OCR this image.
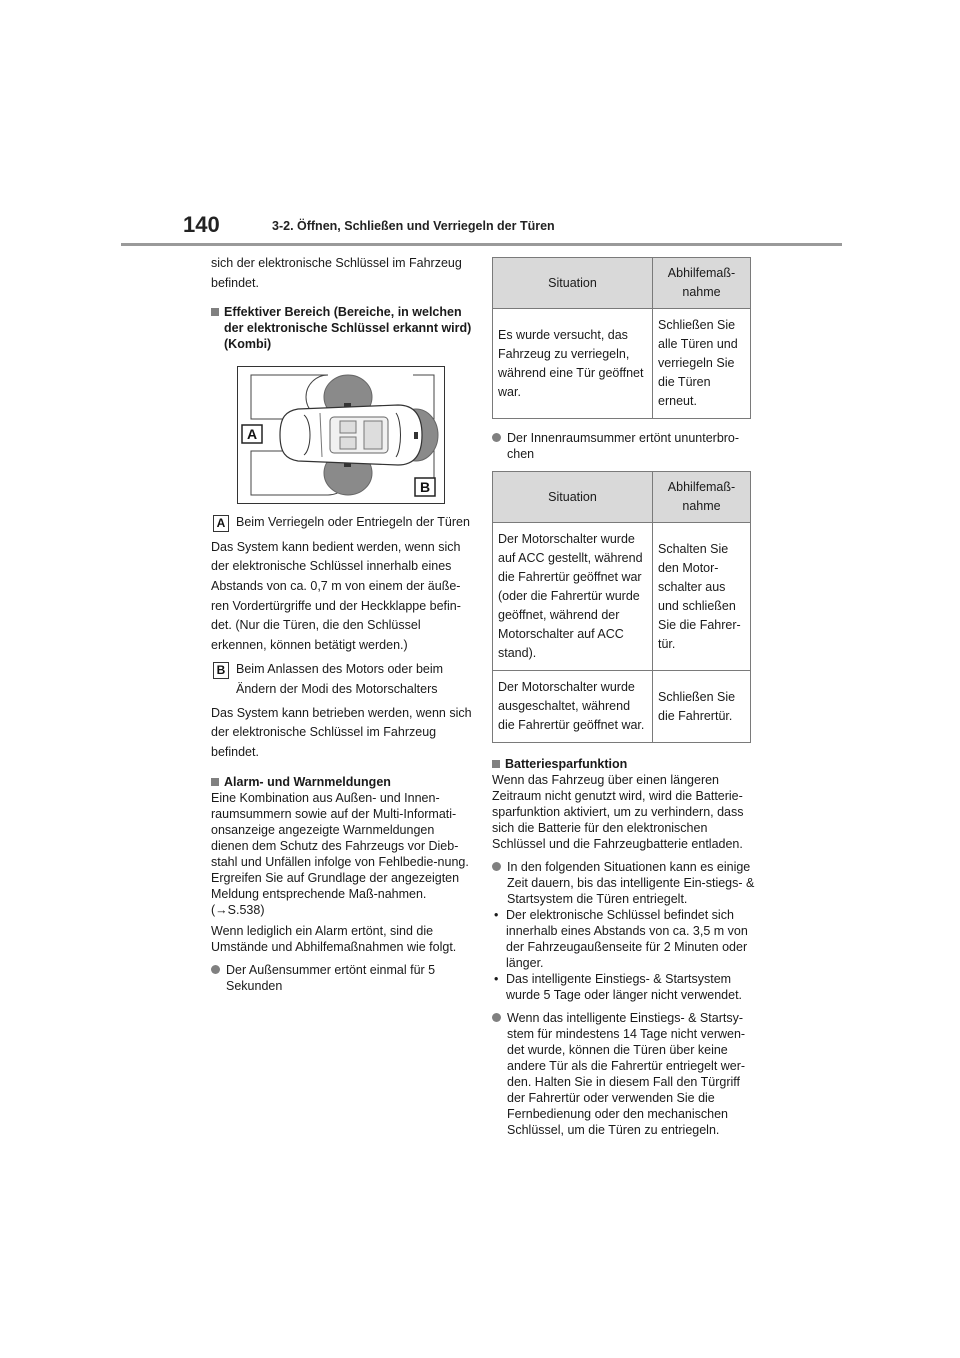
140	3-2. Öffnen, Schließen und Verriegeln der Türen

sich der elektronische Schlüssel im Fahrzeug befindet.

Effektiver Bereich (Bereiche, in welchen der elektronische Schlüssel erkannt wird) (Kombi)
A
B
A Beim Verriegeln oder Entriegeln der Türen

Das System kann bedient werden, wenn sich der elektronische Schlüssel innerhalb eines Abstands von ca. 0,7 m von einem der äuße-ren Vordertürgriffe und der Heckklappe befin-det. (Nur die Türen, die den Schlüssel erkennen, können betätigt werden.)

B Beim Anlassen des Motors oder beim Ändern der Modi des Motorschalters

Das System kann betrieben werden, wenn sich der elektronische Schlüssel im Fahrzeug befindet.

Alarm- und Warnmeldungen

Eine Kombination aus Außen- und Innen-raumsummern sowie auf der Multi-Informati-onsanzeige angezeigte Warnmeldungen dienen dem Schutz des Fahrzeugs vor Dieb-stahl und Unfällen infolge von Fehlbedie-nung. Ergreifen Sie auf Grundlage der angezeigten Meldung entsprechende Maß-nahmen. (→S.538)

Wenn lediglich ein Alarm ertönt, sind die Umstände und Abhilfemaßnahmen wie folgt.

Der Außensummer ertönt einmal für 5 Sekunden
Situation	Abhilfemaß-nahme
Es wurde versucht, das Fahrzeug zu verriegeln, während eine Tür geöffnet war.	Schließen Sie alle Türen und verriegeln Sie die Türen erneut.
Der Innenraumsummer ertönt ununterbro-chen
Situation	Abhilfemaß-nahme
Der Motorschalter wurde auf ACC gestellt, während die Fahrertür geöffnet war (oder die Fahrertür wurde geöffnet, während der Motorschalter auf ACC stand).	Schalten Sie den Motor-schalter aus und schließen Sie die Fahrer-tür.
Der Motorschalter wurde ausgeschaltet, während die Fahrertür geöffnet war.	Schließen Sie die Fahrertür.
Batteriesparfunktion

Wenn das Fahrzeug über einen längeren Zeitraum nicht genutzt wird, wird die Batterie-sparfunktion aktiviert, um zu verhindern, dass sich die Batterie für den elektronischen Schlüssel und die Fahrzeugbatterie entladen.

In den folgenden Situationen kann es einige Zeit dauern, bis das intelligente Ein-stiegs- & Startsystem die Türen entriegelt.
• Der elektronische Schlüssel befindet sich innerhalb eines Abstands von ca. 3,5 m von der Fahrzeugaußenseite für 2 Minuten oder länger.
• Das intelligente Einstiegs- & Startsystem wurde 5 Tage oder länger nicht verwendet.
Wenn das intelligente Einstiegs- & Startsy-stem für mindestens 14 Tage nicht verwen-det wurde, können die Türen über keine andere Tür als die Fahrertür entriegelt wer-den. Halten Sie in diesem Fall den Türgriff der Fahrertür oder verwenden Sie die Fernbedienung oder den mechanischen Schlüssel, um die Türen zu entriegeln.
